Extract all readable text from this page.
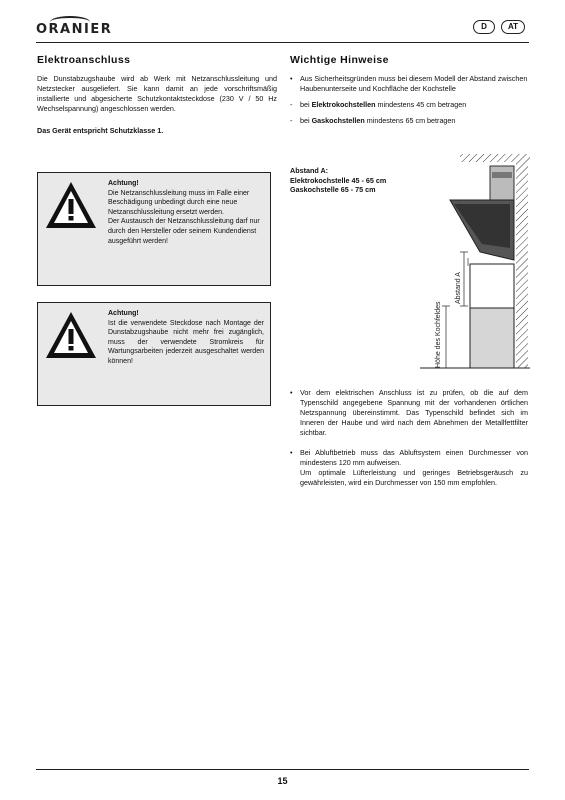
ORANIER	D	AT
Elektroanschluss

Die Dunstabzugshaube wird ab Werk mit Netzanschlussleitung und Netzstecker ausgeliefert. Sie kann damit an jede vorschriftsmäßig installierte und abgesicherte Schutzkontaktsteckdose (230 V / 50 Hz Wechselspannung) angeschlossen werden.

Das Gerät entspricht Schutzklasse 1.

Achtung!
Die Netzanschlussleitung muss im Falle einer Beschädigung unbedingt durch eine neue Netzanschlussleitung ersetzt werden.
Der Austausch der Netzanschlussleitung darf nur durch den Hersteller oder seinem Kundendienst ausgeführt werden!
Achtung!
Ist die verwendete Steckdose nach Montage der Dunstabzugshaube nicht mehr frei zugänglich, muss der verwendete Stromkreis für Wartungsarbeiten jederzeit ausgeschaltet werden können!
Wichtige Hinweise
• Aus Sicherheitsgründen muss bei diesem Modell der Abstand zwischen Haubenunterseite und Kochfläche der Kochstelle
- bei Elektrokochstellen mindestens 45 cm betragen
- bei Gaskochstellen mindestens 65 cm betragen
Abstand A:
Elektrokochstelle 45 - 65 cm
Gaskochstelle 65 - 75 cm
Abstand A
Höhe des Kochfeldes
• Vor dem elektrischen Anschluss ist zu prüfen, ob die auf dem Typenschild angegebene Spannung mit der vorhandenen örtlichen Netzspannung übereinstimmt. Das Typenschild befindet sich im Inneren der Haube und wird nach dem Abnehmen der Metallfettfilter sichtbar.
• Bei Abluftbetrieb muss das Abluftsystem einen Durchmesser von mindestens 120 mm aufweisen.
Um optimale Lüfterleistung und geringes Betriebsgeräusch zu gewährleisten, wird ein Durchmesser von 150 mm empfohlen.
15
